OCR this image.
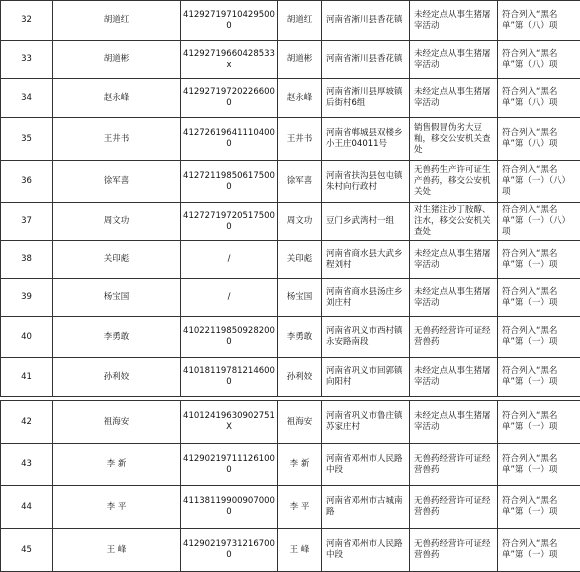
32	胡道红	412927197104295000	胡道红	河南省淅川县香花镇	未经定点从事生猪屠宰活动	符合列入“黑名单”第（八）项
33	胡道彬	41292719660428533x	胡道彬	河南省淅川县香花镇	未经定点从事生猪屠宰活动	符合列入“黑名单”第（八）项
34	赵永峰	412927197202266000	赵永峰	河南省淅川县厚坡镇后街村6组	未经定点从事生猪屠宰活动	符合列入“黑名单”第（八）项
35	王井书	412726196411104000	王井书	河南省郸城县双楼乡小王庄04011号	销售假冒伪劣大豆籼，移交公安机关查处	符合列入“黑名单”第（八）项
36	徐军喜	412721198506175000	徐军喜	河南省扶沟县包屯镇朱村向行政村	无兽药生产许可证生产兽药，移交公安机关处	符合列入“黑名单”第（一）（八）项
37	周文功	412727197205175000	周文功	豆门乡武湾村一组	对生猪注沙丁胺醇、注水，移交公安机关查处	符合列入“黑名单”第（一）（八）项
38	关印彪	/	关印彪	河南省商水县大武乡程刘村	未经定点从事生猪屠宰活动	符合列入“黑名单”第（一）项
39	杨宝国	/	杨宝国	河南省商水县汤庄乡刘庄村	未经定点从事生猪屠宰活动	符合列入“黑名单”第（一）项
40	李勇敢	410221198509282000	李勇敢	河南省巩义市西村镇永安路南段	无兽药经营许可证经营兽药	符合列入“黑名单”第（一）项
41	孙利姣	410181197812146000	孙利姣	河南省巩义市回郭镇向阳村	未经定点从事生猪屠宰活动	符合列入“黑名单”第（一）项
42	祖海安	41012419630902751X	祖海安	河南省巩义市鲁庄镇苏家庄村	未经定点从事生猪屠宰活动	符合列入“黑名单”第（一）项
43	李 新	412902197111261000	李 新	河南省邓州市人民路中段	无兽药经营许可证经营兽药	符合列入“黑名单”第（一）项
44	李 平	411381199009070000	李 平	河南省邓州市古城南路	无兽药经营许可证经营兽药	符合列入“黑名单”第（一）项
45	王 峰	412902197312167000	王 峰	河南省邓州市人民路中段	无兽药经营许可证经营兽药	符合列入“黑名单”第（一）项
